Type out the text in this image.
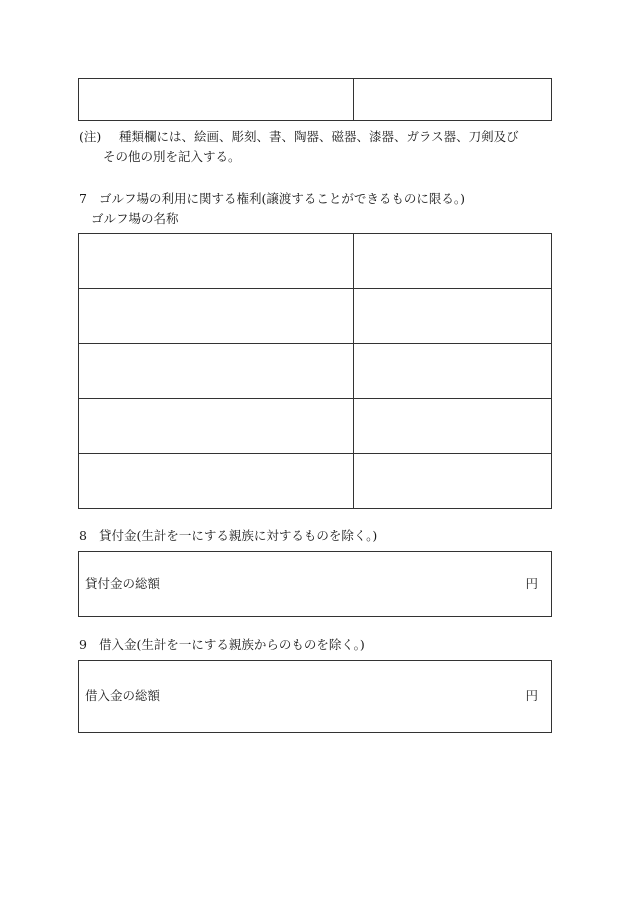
(注) 種類欄には、絵画、彫刻、書、陶器、磁器、漆器、ガラス器、刀剣及び
その他の別を記入する。
7 ゴルフ場の利用に関する権利(譲渡することができるものに限る。)
ゴルフ場の名称

8 貸付金(生計を一にする親族に対するものを除く。)
貸付金の総額	円
9 借入金(生計を一にする親族からのものを除く。)
借入金の総額	円
